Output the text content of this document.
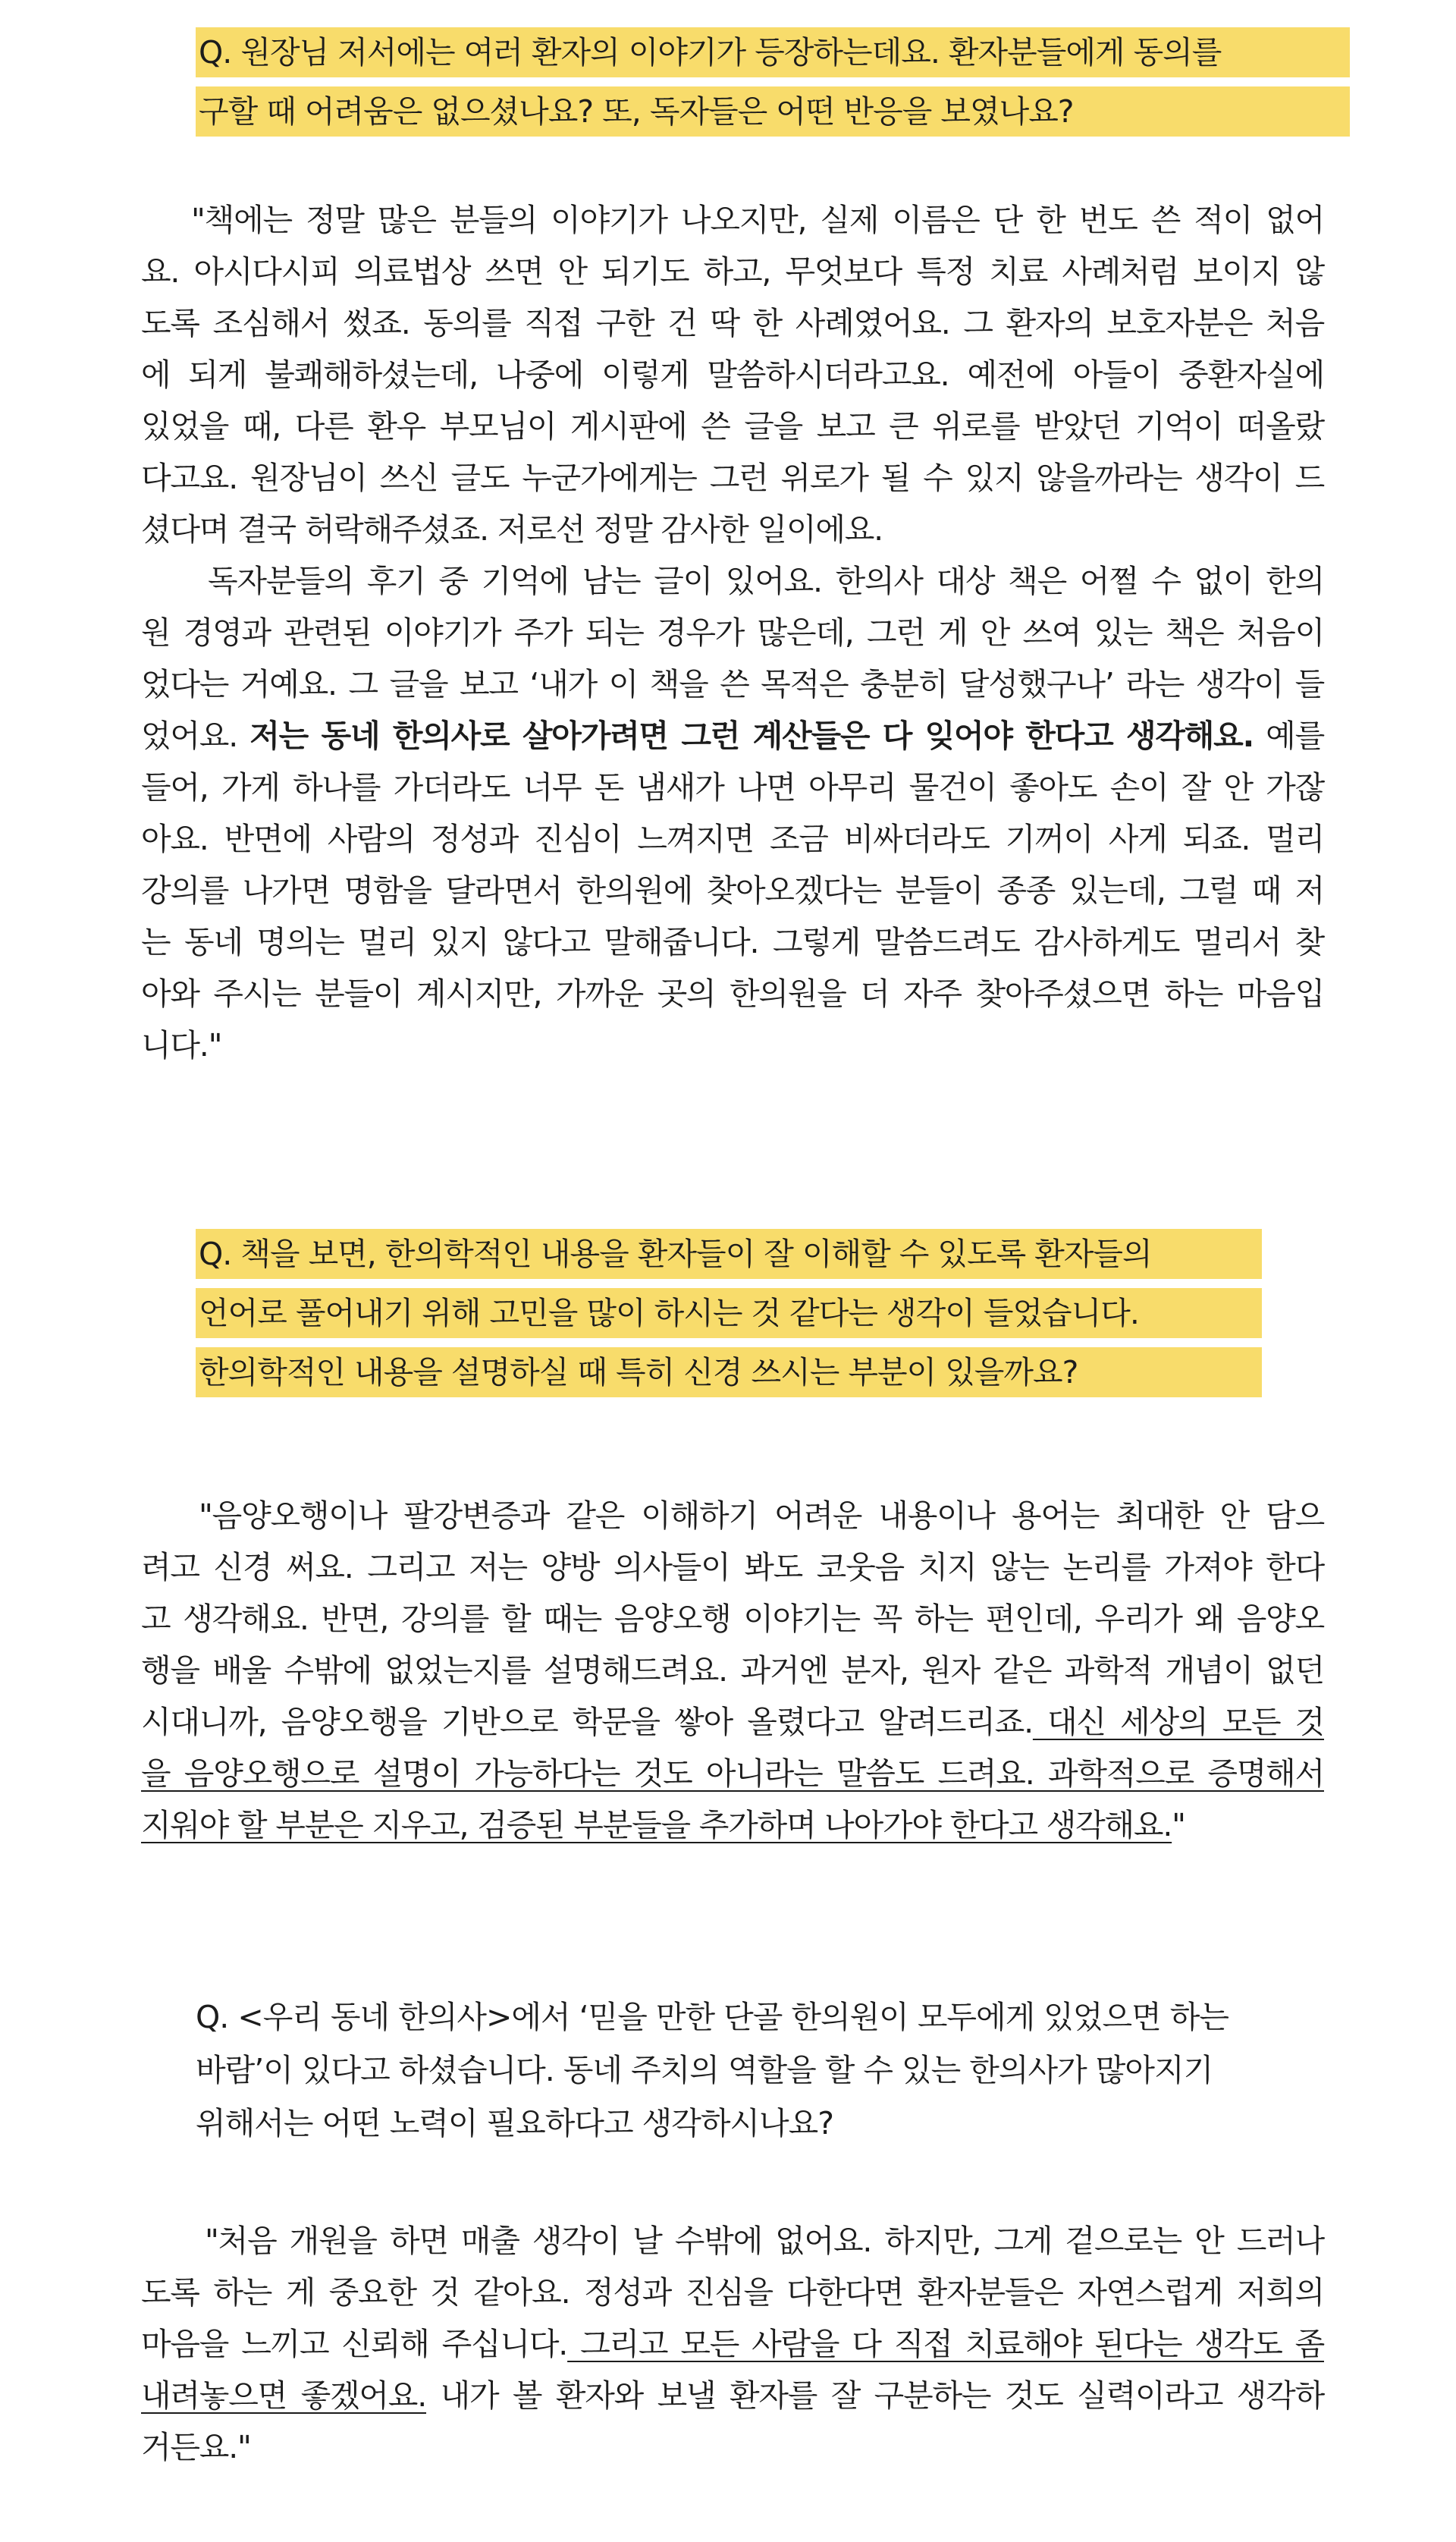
Q. 원장님 저서에는 여러 환자의 이야기가 등장하는데요. 환자분들에게 동의를
구할 때 어려움은 없으셨나요? 또, 독자들은 어떤 반응을 보였나요?
"책에는 정말 많은 분들의 이야기가 나오지만, 실제 이름은 단 한 번도 쓴 적이 없어
요. 아시다시피 의료법상 쓰면 안 되기도 하고, 무엇보다 특정 치료 사례처럼 보이지 않
도록 조심해서 썼죠. 동의를 직접 구한 건 딱 한 사례였어요. 그 환자의 보호자분은 처음
에 되게 불쾌해하셨는데, 나중에 이렇게 말씀하시더라고요. 예전에 아들이 중환자실에
있었을 때, 다른 환우 부모님이 게시판에 쓴 글을 보고 큰 위로를 받았던 기억이 떠올랐
다고요. 원장님이 쓰신 글도 누군가에게는 그런 위로가 될 수 있지 않을까라는 생각이 드
셨다며 결국 허락해주셨죠. 저로선 정말 감사한 일이에요.
독자분들의 후기 중 기억에 남는 글이 있어요. 한의사 대상 책은 어쩔 수 없이 한의
원 경영과 관련된 이야기가 주가 되는 경우가 많은데, 그런 게 안 쓰여 있는 책은 처음이
었다는 거예요. 그 글을 보고 ‘내가 이 책을 쓴 목적은 충분히 달성했구나’ 라는 생각이 들
었어요. 저는 동네 한의사로 살아가려면 그런 계산들은 다 잊어야 한다고 생각해요. 예를
들어, 가게 하나를 가더라도 너무 돈 냄새가 나면 아무리 물건이 좋아도 손이 잘 안 가잖
아요. 반면에 사람의 정성과 진심이 느껴지면 조금 비싸더라도 기꺼이 사게 되죠. 멀리
강의를 나가면 명함을 달라면서 한의원에 찾아오겠다는 분들이 종종 있는데, 그럴 때 저
는 동네 명의는 멀리 있지 않다고 말해줍니다. 그렇게 말씀드려도 감사하게도 멀리서 찾
아와 주시는 분들이 계시지만, 가까운 곳의 한의원을 더 자주 찾아주셨으면 하는 마음입
니다."
Q. 책을 보면, 한의학적인 내용을 환자들이 잘 이해할 수 있도록 환자들의
언어로 풀어내기 위해 고민을 많이 하시는 것 같다는 생각이 들었습니다.
한의학적인 내용을 설명하실 때 특히 신경 쓰시는 부분이 있을까요?
"음양오행이나 팔강변증과 같은 이해하기 어려운 내용이나 용어는 최대한 안 담으
려고 신경 써요. 그리고 저는 양방 의사들이 봐도 코웃음 치지 않는 논리를 가져야 한다
고 생각해요. 반면, 강의를 할 때는 음양오행 이야기는 꼭 하는 편인데, 우리가 왜 음양오
행을 배울 수밖에 없었는지를 설명해드려요. 과거엔 분자, 원자 같은 과학적 개념이 없던
시대니까, 음양오행을 기반으로 학문을 쌓아 올렸다고 알려드리죠. 대신 세상의 모든 것
을 음양오행으로 설명이 가능하다는 것도 아니라는 말씀도 드려요. 과학적으로 증명해서
지워야 할 부분은 지우고, 검증된 부분들을 추가하며 나아가야 한다고 생각해요."
Q. <우리 동네 한의사>에서 ‘믿을 만한 단골 한의원이 모두에게 있었으면 하는
바람’이 있다고 하셨습니다. 동네 주치의 역할을 할 수 있는 한의사가 많아지기
위해서는 어떤 노력이 필요하다고 생각하시나요?
"처음 개원을 하면 매출 생각이 날 수밖에 없어요. 하지만, 그게 겉으로는 안 드러나
도록 하는 게 중요한 것 같아요. 정성과 진심을 다한다면 환자분들은 자연스럽게 저희의
마음을 느끼고 신뢰해 주십니다. 그리고 모든 사람을 다 직접 치료해야 된다는 생각도 좀
내려놓으면 좋겠어요. 내가 볼 환자와 보낼 환자를 잘 구분하는 것도 실력이라고 생각하
거든요."
